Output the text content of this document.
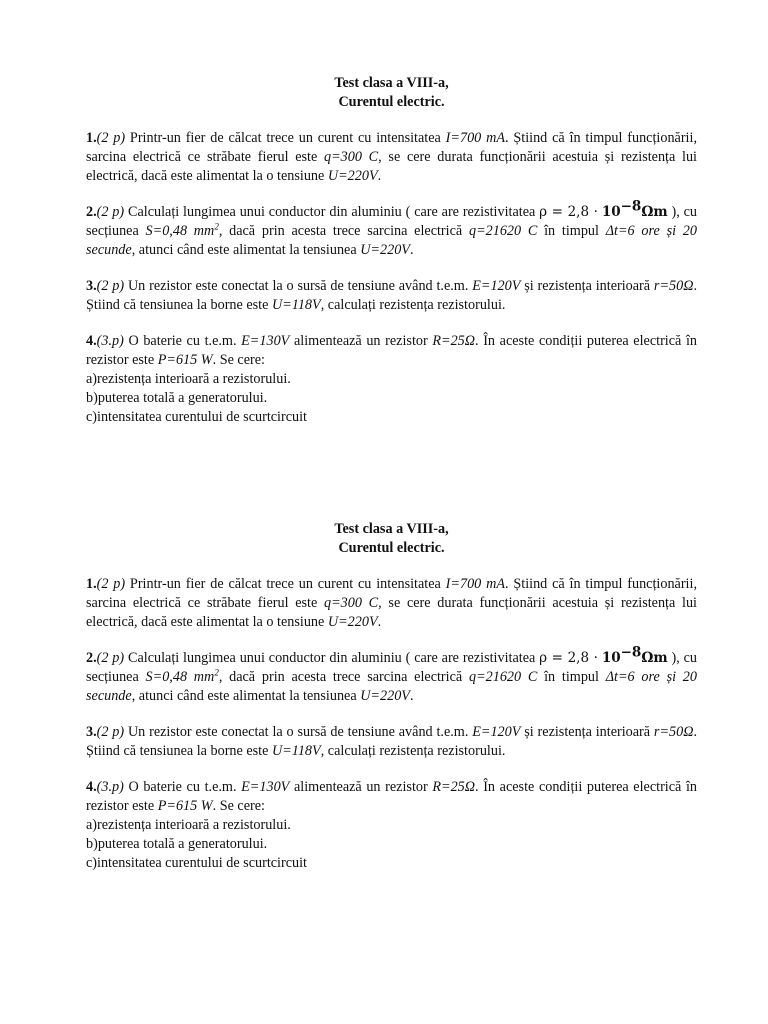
Test clasa a VIII-a,

Curentul electric.

1.(2 p) Printr-un fier de călcat trece un curent cu intensitatea I=700 mA. Știind că în timpul funcționării, sarcina electrică ce străbate fierul este q=300 C, se cere durata funcționării acestuia și rezistența lui electrică, dacă este alimentat la o tensiune U=220V.

2.(2 p) Calculați lungimea unui conductor din aluminiu ( care are rezistivitatea $\rho = 2,8 \cdot 10^{-8}\Omega m$ ), cu secțiunea S=0,48 $mm^2$, dacă prin acesta trece sarcina electrică q=21620 C în timpul Δt=6 ore și 20 secunde, atunci când este alimentat la tensiunea U=220V.

3.(2 p) Un rezistor este conectat la o sursă de tensiune având t.e.m. E=120V și rezistența interioară r=50Ω. Știind că tensiunea la borne este U=118V, calculați rezistența rezistorului.

4.(3.p) O baterie cu t.e.m. E=130V alimentează un rezistor R=25Ω. În aceste condiții puterea electrică în rezistor este P=615 W. Se cere:

a)rezistența interioară a rezistorului.

b)puterea totală a generatorului.

c)intensitatea curentului de scurtcircuit

Test clasa a VIII-a,

Curentul electric.

1.(2 p) Printr-un fier de călcat trece un curent cu intensitatea I=700 mA. Știind că în timpul funcționării, sarcina electrică ce străbate fierul este q=300 C, se cere durata funcționării acestuia și rezistența lui electrică, dacă este alimentat la o tensiune U=220V.

2.(2 p) Calculați lungimea unui conductor din aluminiu ( care are rezistivitatea $\rho = 2,8 \cdot 10^{-8}\Omega m$ ), cu secțiunea S=0,48 $mm^2$, dacă prin acesta trece sarcina electrică q=21620 C în timpul Δt=6 ore și 20 secunde, atunci când este alimentat la tensiunea U=220V.

3.(2 p) Un rezistor este conectat la o sursă de tensiune având t.e.m. E=120V și rezistența interioară r=50Ω. Știind că tensiunea la borne este U=118V, calculați rezistența rezistorului.

4.(3.p) O baterie cu t.e.m. E=130V alimentează un rezistor R=25Ω. În aceste condiții puterea electrică în rezistor este P=615 W. Se cere:

a)rezistența interioară a rezistorului.

b)puterea totală a generatorului.

c)intensitatea curentului de scurtcircuit
